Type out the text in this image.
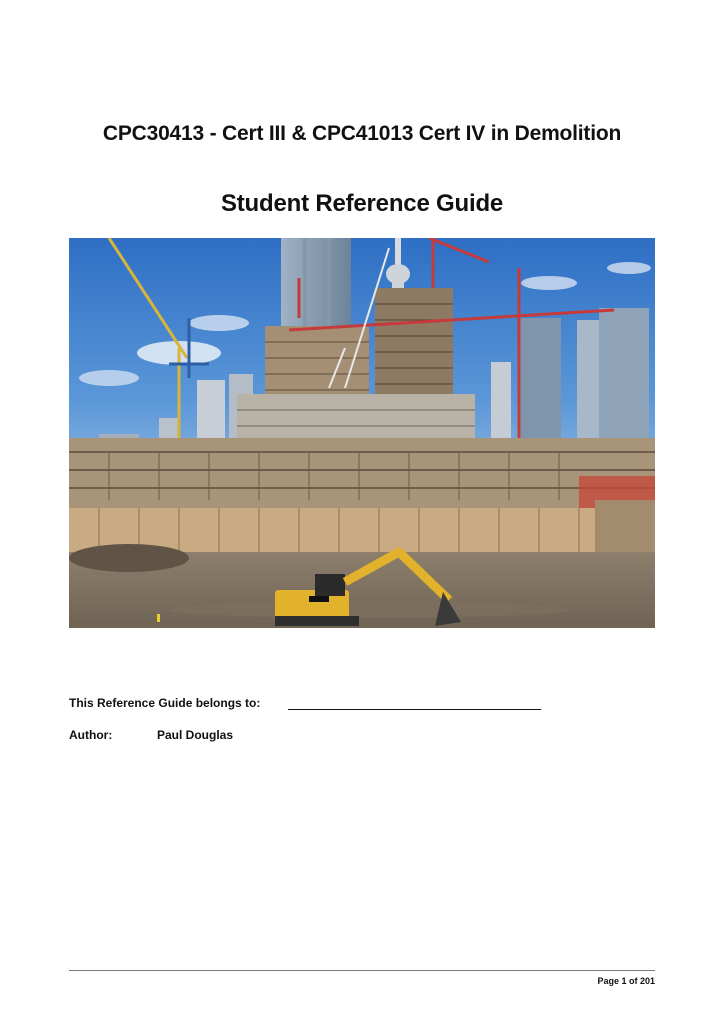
CPC30413 - Cert III & CPC41013 Cert IV in Demolition
Student Reference Guide
This Reference Guide belongs to:
Author:	Paul Douglas
Page 1 of 201
